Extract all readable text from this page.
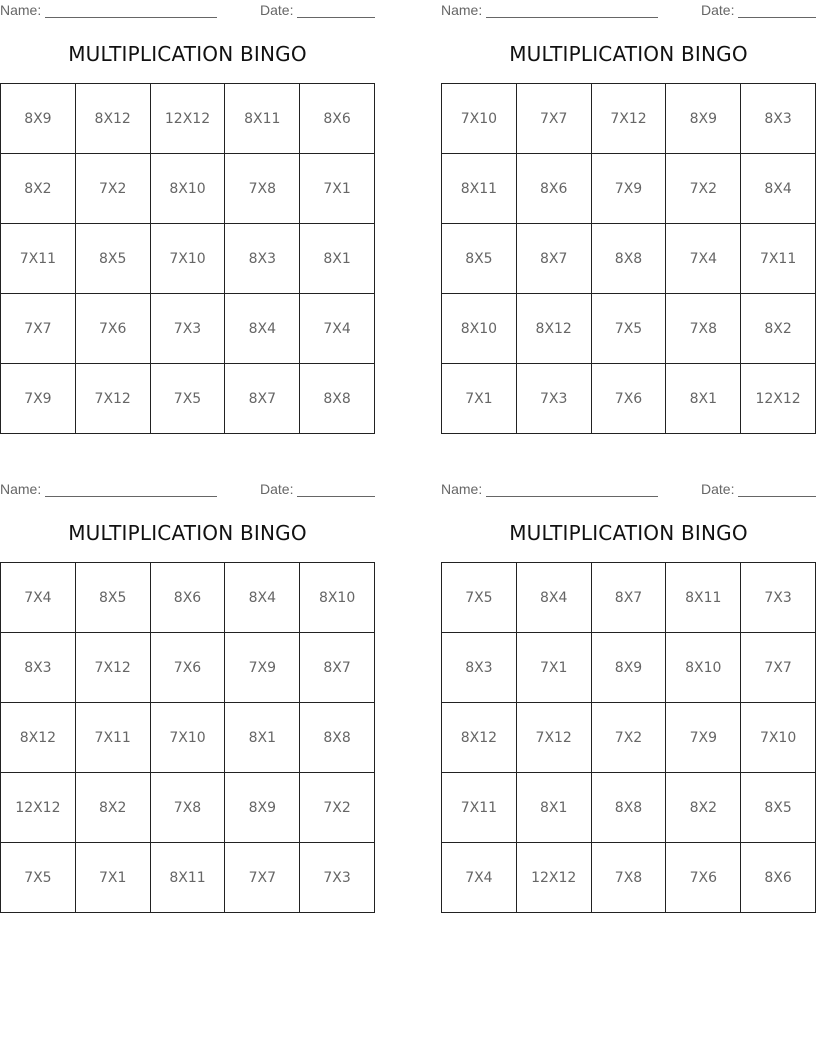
Name:	Date:
MULTIPLICATION BINGO
8X9	8X12	12X12	8X11	8X6
8X2	7X2	8X10	7X8	7X1
7X11	8X5	7X10	8X3	8X1
7X7	7X6	7X3	8X4	7X4
7X9	7X12	7X5	8X7	8X8
Name:	Date:
MULTIPLICATION BINGO
7X10	7X7	7X12	8X9	8X3
8X11	8X6	7X9	7X2	8X4
8X5	8X7	8X8	7X4	7X11
8X10	8X12	7X5	7X8	8X2
7X1	7X3	7X6	8X1	12X12
Name:	Date:
MULTIPLICATION BINGO
7X4	8X5	8X6	8X4	8X10
8X3	7X12	7X6	7X9	8X7
8X12	7X11	7X10	8X1	8X8
12X12	8X2	7X8	8X9	7X2
7X5	7X1	8X11	7X7	7X3
Name:	Date:
MULTIPLICATION BINGO
7X5	8X4	8X7	8X11	7X3
8X3	7X1	8X9	8X10	7X7
8X12	7X12	7X2	7X9	7X10
7X11	8X1	8X8	8X2	8X5
7X4	12X12	7X8	7X6	8X6
